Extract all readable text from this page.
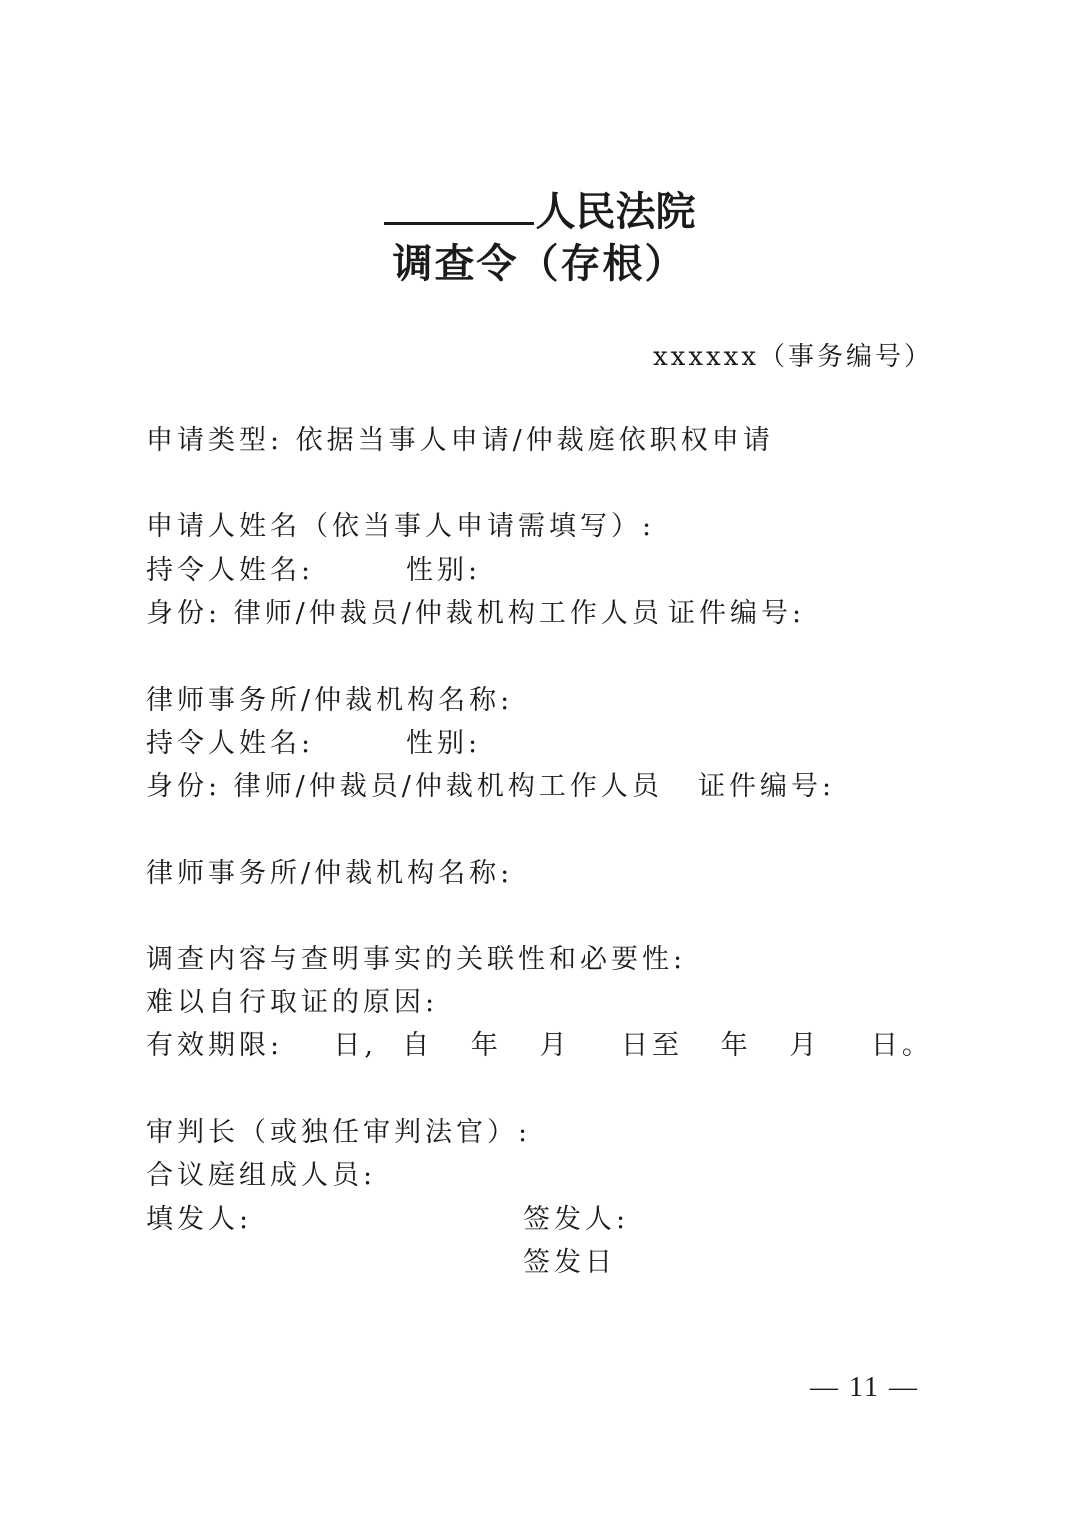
人民法院
调查令（存根）
xxxxxx（事务编号）
申请类型: 依据当事人申请/仲裁庭依职权申请
申请人姓名（依当事人申请需填写）:
持令人姓名:	性别:
身份: 律师/仲裁员/仲裁机构工作人员 证件编号:
律师事务所/仲裁机构名称:
持令人姓名:	性别:
身份: 律师/仲裁员/仲裁机构工作人员 证件编号:
律师事务所/仲裁机构名称:
调查内容与查明事实的关联性和必要性:
难以自行取证的原因:
有效期限:    日,  自   年   月    日至   年   月    日。
审判长（或独任审判法官）:
合议庭组成人员:
填发人:	签发人:
签发日
— 11 —
